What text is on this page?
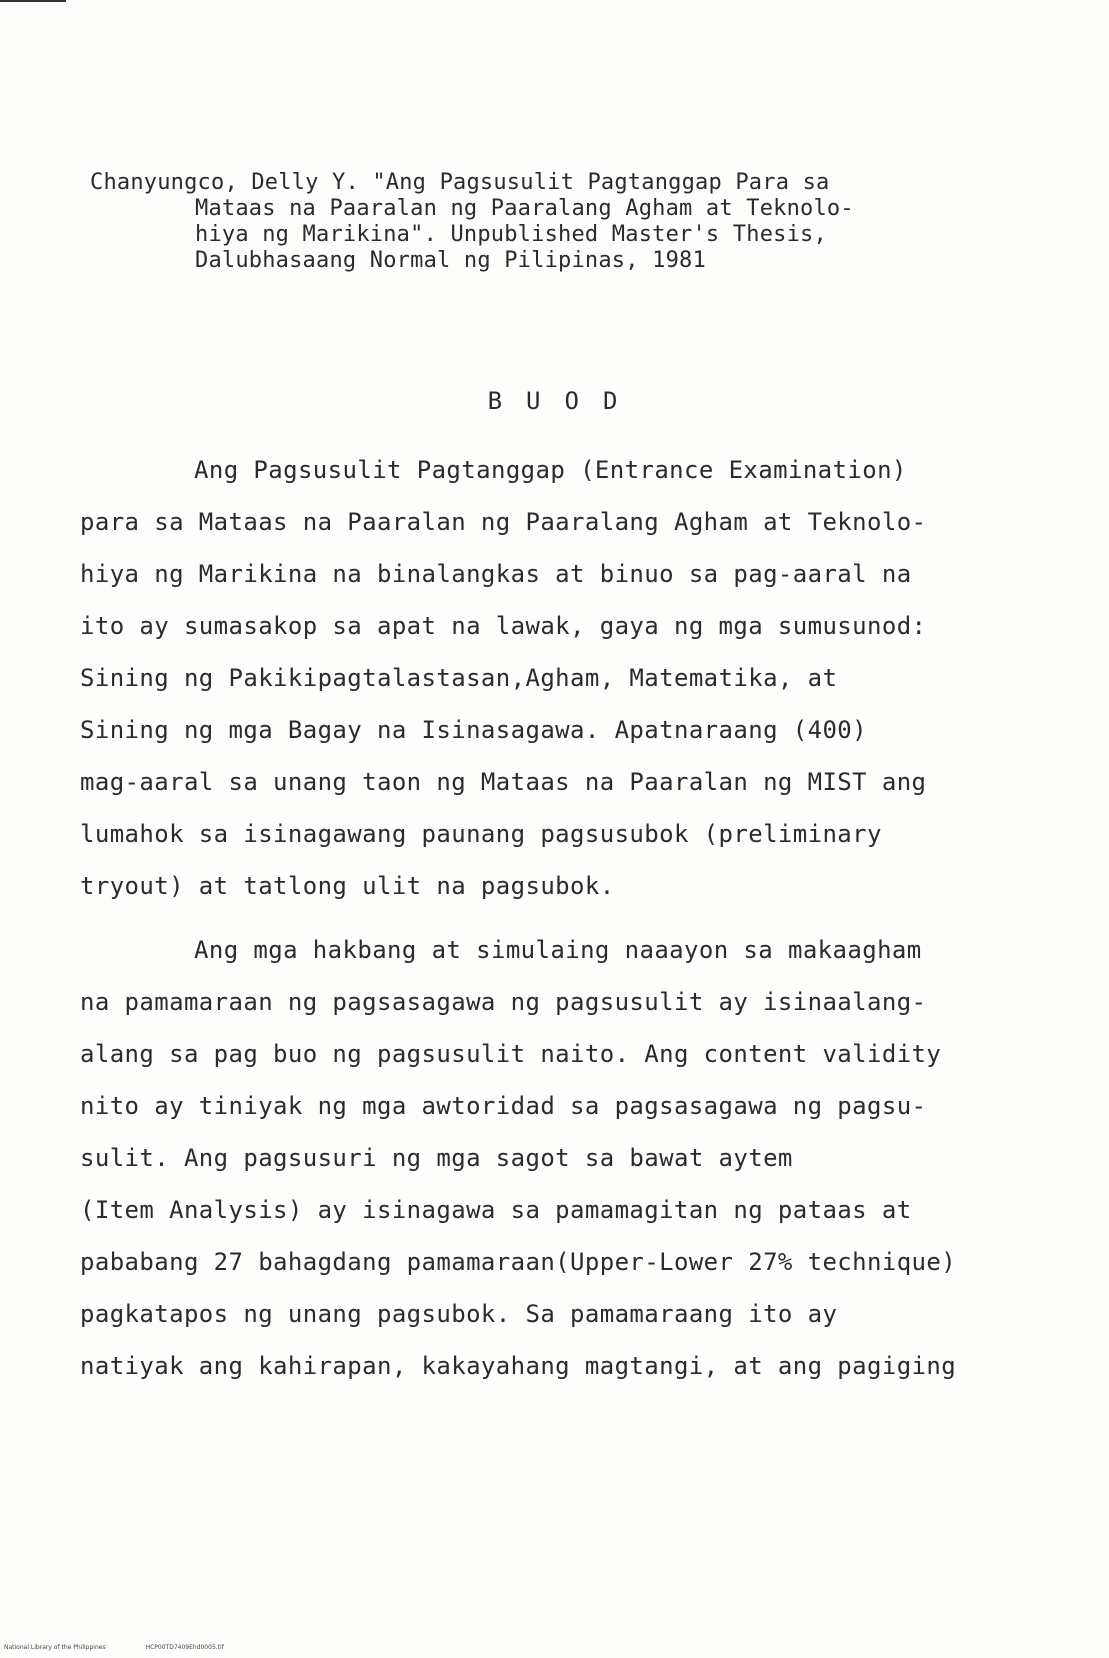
Chanyungco, Delly Y. "Ang Pagsusulit Pagtanggap Para sa
Mataas na Paaralan ng Paaralang Agham at Teknolo-
hiya ng Marikina". Unpublished Master's Thesis,
Dalubhasaang Normal ng Pilipinas, 1981
BUOD
Ang Pagsusulit Pagtanggap (Entrance Examination)
para sa Mataas na Paaralan ng Paaralang Agham at Teknolo-
hiya ng Marikina na binalangkas at binuo sa pag-aaral na
ito ay sumasakop sa apat na lawak, gaya ng mga sumusunod:
Sining ng Pakikipagtalastasan,Agham, Matematika, at
Sining ng mga Bagay na Isinasagawa. Apatnaraang (400)
mag-aaral sa unang taon ng Mataas na Paaralan ng MIST ang
lumahok sa isinagawang paunang pagsusubok (preliminary
tryout) at tatlong ulit na pagsubok.
Ang mga hakbang at simulaing naaayon sa makaagham
na pamamaraan ng pagsasagawa ng pagsusulit ay isinaalang-
alang sa pag buo ng pagsusulit naito. Ang content validity
nito ay tiniyak ng mga awtoridad sa pagsasagawa ng pagsu-
sulit. Ang pagsusuri ng mga sagot sa bawat aytem
(Item Analysis) ay isinagawa sa pamamagitan ng pataas at
pababang 27 bahagdang pamamaraan(Upper-Lower 27% technique)
pagkatapos ng unang pagsubok. Sa pamamaraang ito ay
natiyak ang kahirapan, kakayahang magtangi, at ang pagiging
National Library of the Philippines	HCP00TD7409Ehd0005.tif
